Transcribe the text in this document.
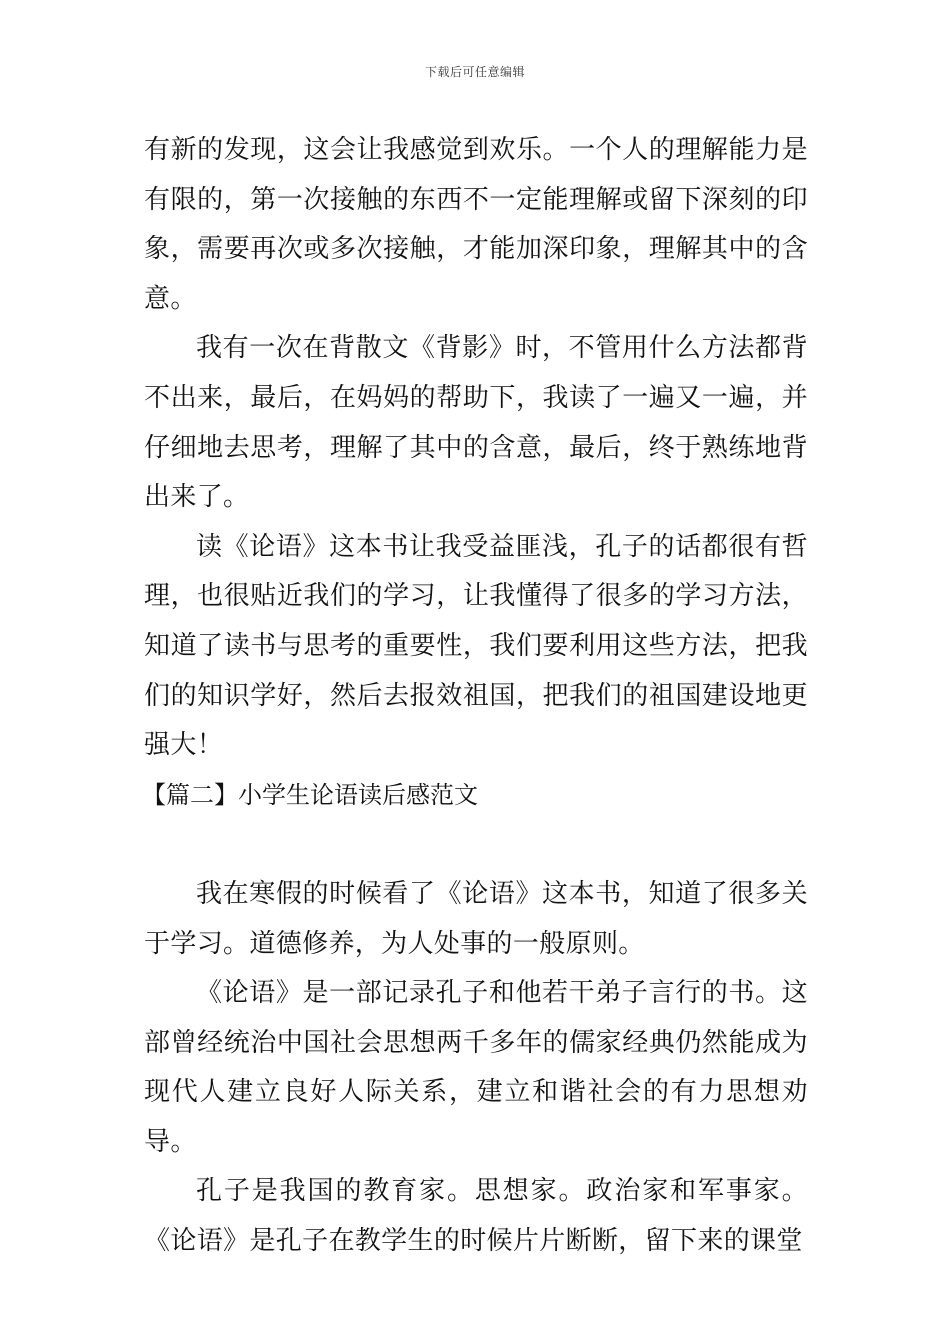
下载后可任意编辑

有新的发现，这会让我感觉到欢乐。一个人的理解能力是有限的，第一次接触的东西不一定能理解或留下深刻的印象，需要再次或多次接触，才能加深印象，理解其中的含意。

我有一次在背散文《背影》时，不管用什么方法都背不出来，最后，在妈妈的帮助下，我读了一遍又一遍，并仔细地去思考，理解了其中的含意，最后，终于熟练地背出来了。

读《论语》这本书让我受益匪浅，孔子的话都很有哲理，也很贴近我们的学习，让我懂得了很多的学习方法，知道了读书与思考的重要性，我们要利用这些方法，把我们的知识学好，然后去报效祖国，把我们的祖国建设地更强大！

【篇二】小学生论语读后感范文

我在寒假的时候看了《论语》这本书，知道了很多关于学习。道德修养，为人处事的一般原则。

《论语》是一部记录孔子和他若干弟子言行的书。这部曾经统治中国社会思想两千多年的儒家经典仍然能成为现代人建立良好人际关系，建立和谐社会的有力思想劝导。

孔子是我国的教育家。思想家。政治家和军事家。《论语》是孔子在教学生的时候片片断断，留下来的课堂
